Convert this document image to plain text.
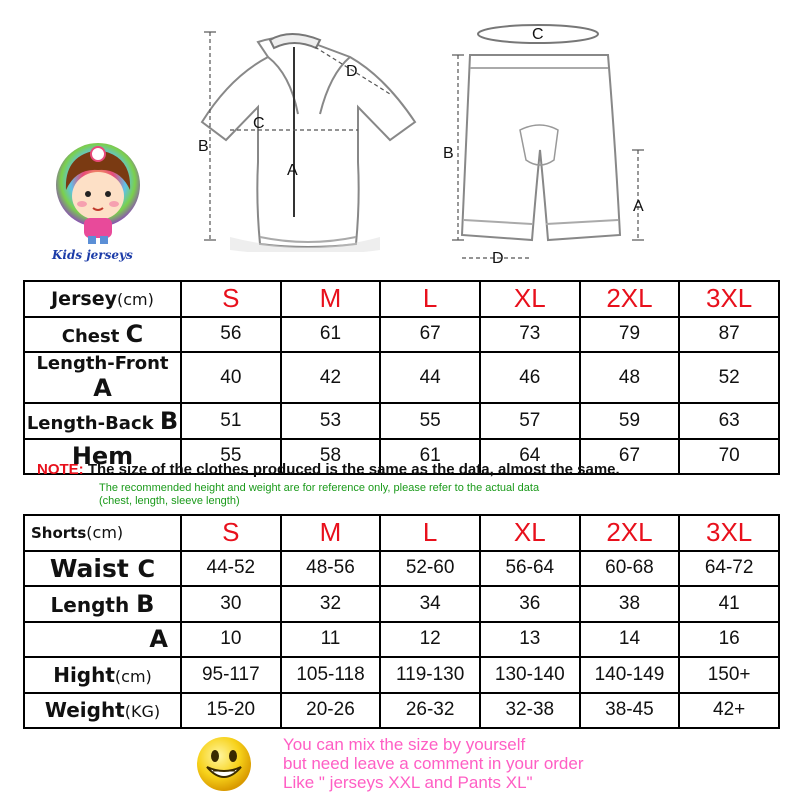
Kids jerseys
B
C
A
D
C
B
A
D
Jersey(cm)	S	M	L	XL	2XL	3XL
Chest C	56	61	67	73	79	87
Length-Front A	40	42	44	46	48	52
Length-Back B	51	53	55	57	59	63
Hem	55	58	61	64	67	70
NOTE: The size of the clothes produced is the same as the data, almost the same.
The recommended height and weight are for reference only, please refer to the actual data
(chest, length, sleeve length)
Shorts(cm)	S	M	L	XL	2XL	3XL
Waist C	44-52	48-56	52-60	56-64	60-68	64-72
Length B	30	32	34	36	38	41
A	10	11	12	13	14	16
Hight(cm)	95-117	105-118	119-130	130-140	140-149	150+
Weight(KG)	15-20	20-26	26-32	32-38	38-45	42+
You can mix the size by yourself
but need leave a comment in your order
Like " jerseys XXL and Pants XL"
